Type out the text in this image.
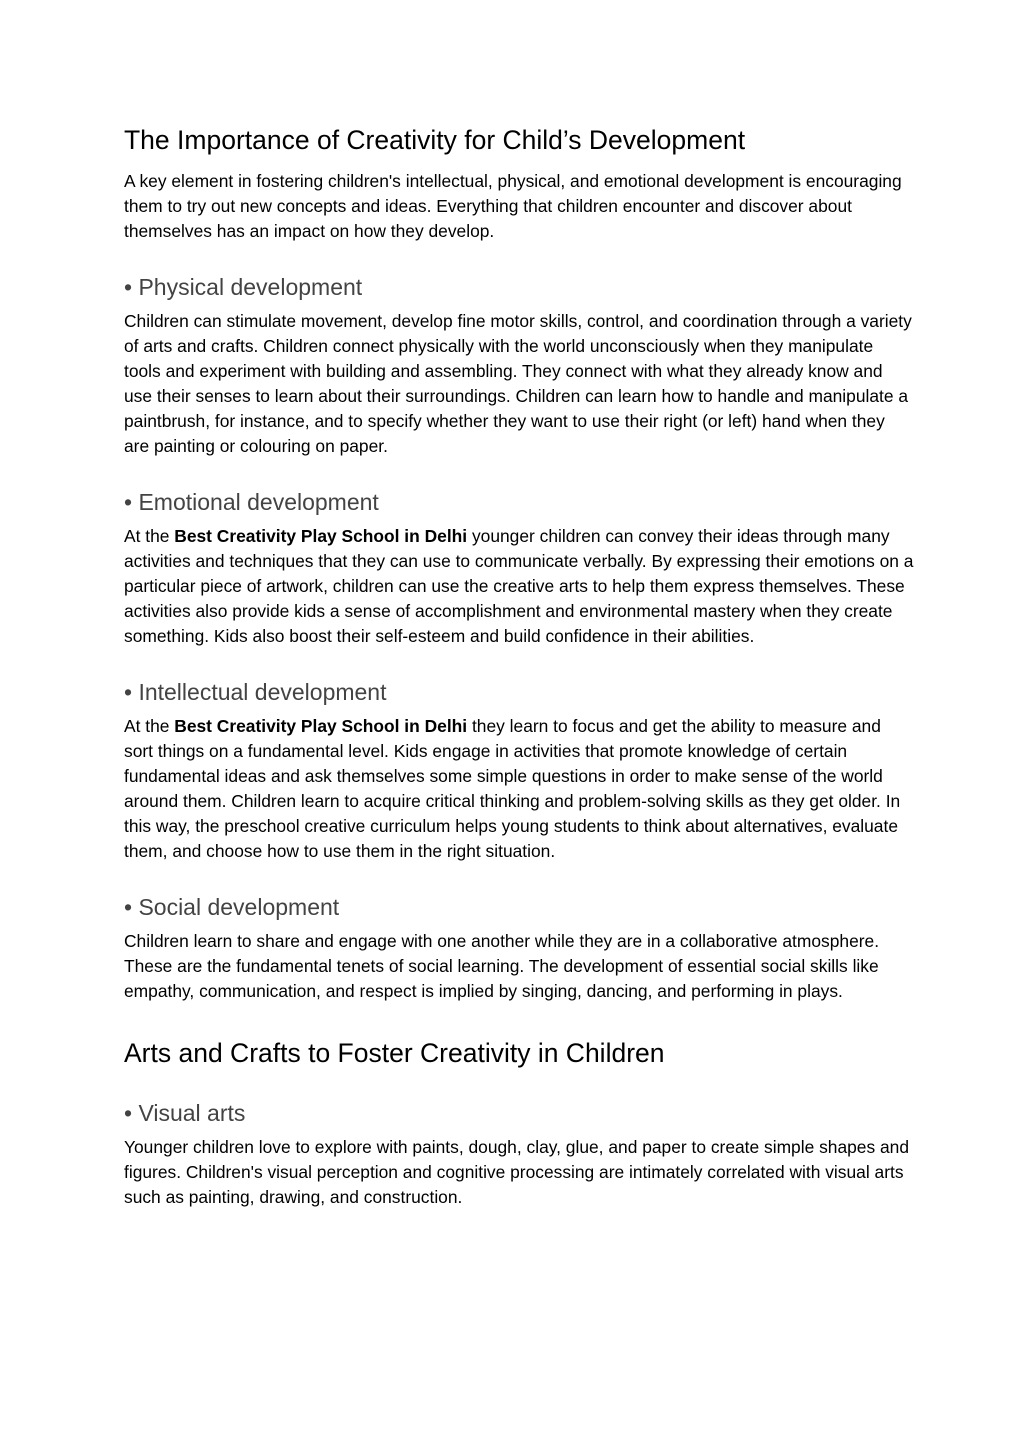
The Importance of Creativity for Child’s Development

A key element in fostering children's intellectual, physical, and emotional development is encouraging them to try out new concepts and ideas. Everything that children encounter and discover about themselves has an impact on how they develop.

• Physical development

Children can stimulate movement, develop fine motor skills, control, and coordination through a variety of arts and crafts. Children connect physically with the world unconsciously when they manipulate tools and experiment with building and assembling. They connect with what they already know and use their senses to learn about their surroundings. Children can learn how to handle and manipulate a paintbrush, for instance, and to specify whether they want to use their right (or left) hand when they are painting or colouring on paper.

• Emotional development

At the Best Creativity Play School in Delhi younger children can convey their ideas through many activities and techniques that they can use to communicate verbally. By expressing their emotions on a particular piece of artwork, children can use the creative arts to help them express themselves. These activities also provide kids a sense of accomplishment and environmental mastery when they create something. Kids also boost their self-esteem and build confidence in their abilities.

• Intellectual development

At the Best Creativity Play School in Delhi they learn to focus and get the ability to measure and sort things on a fundamental level. Kids engage in activities that promote knowledge of certain fundamental ideas and ask themselves some simple questions in order to make sense of the world around them. Children learn to acquire critical thinking and problem-solving skills as they get older. In this way, the preschool creative curriculum helps young students to think about alternatives, evaluate them, and choose how to use them in the right situation.

• Social development

Children learn to share and engage with one another while they are in a collaborative atmosphere. These are the fundamental tenets of social learning. The development of essential social skills like empathy, communication, and respect is implied by singing, dancing, and performing in plays.

Arts and Crafts to Foster Creativity in Children
• Visual arts

Younger children love to explore with paints, dough, clay, glue, and paper to create simple shapes and figures. Children's visual perception and cognitive processing are intimately correlated with visual arts such as painting, drawing, and construction.
